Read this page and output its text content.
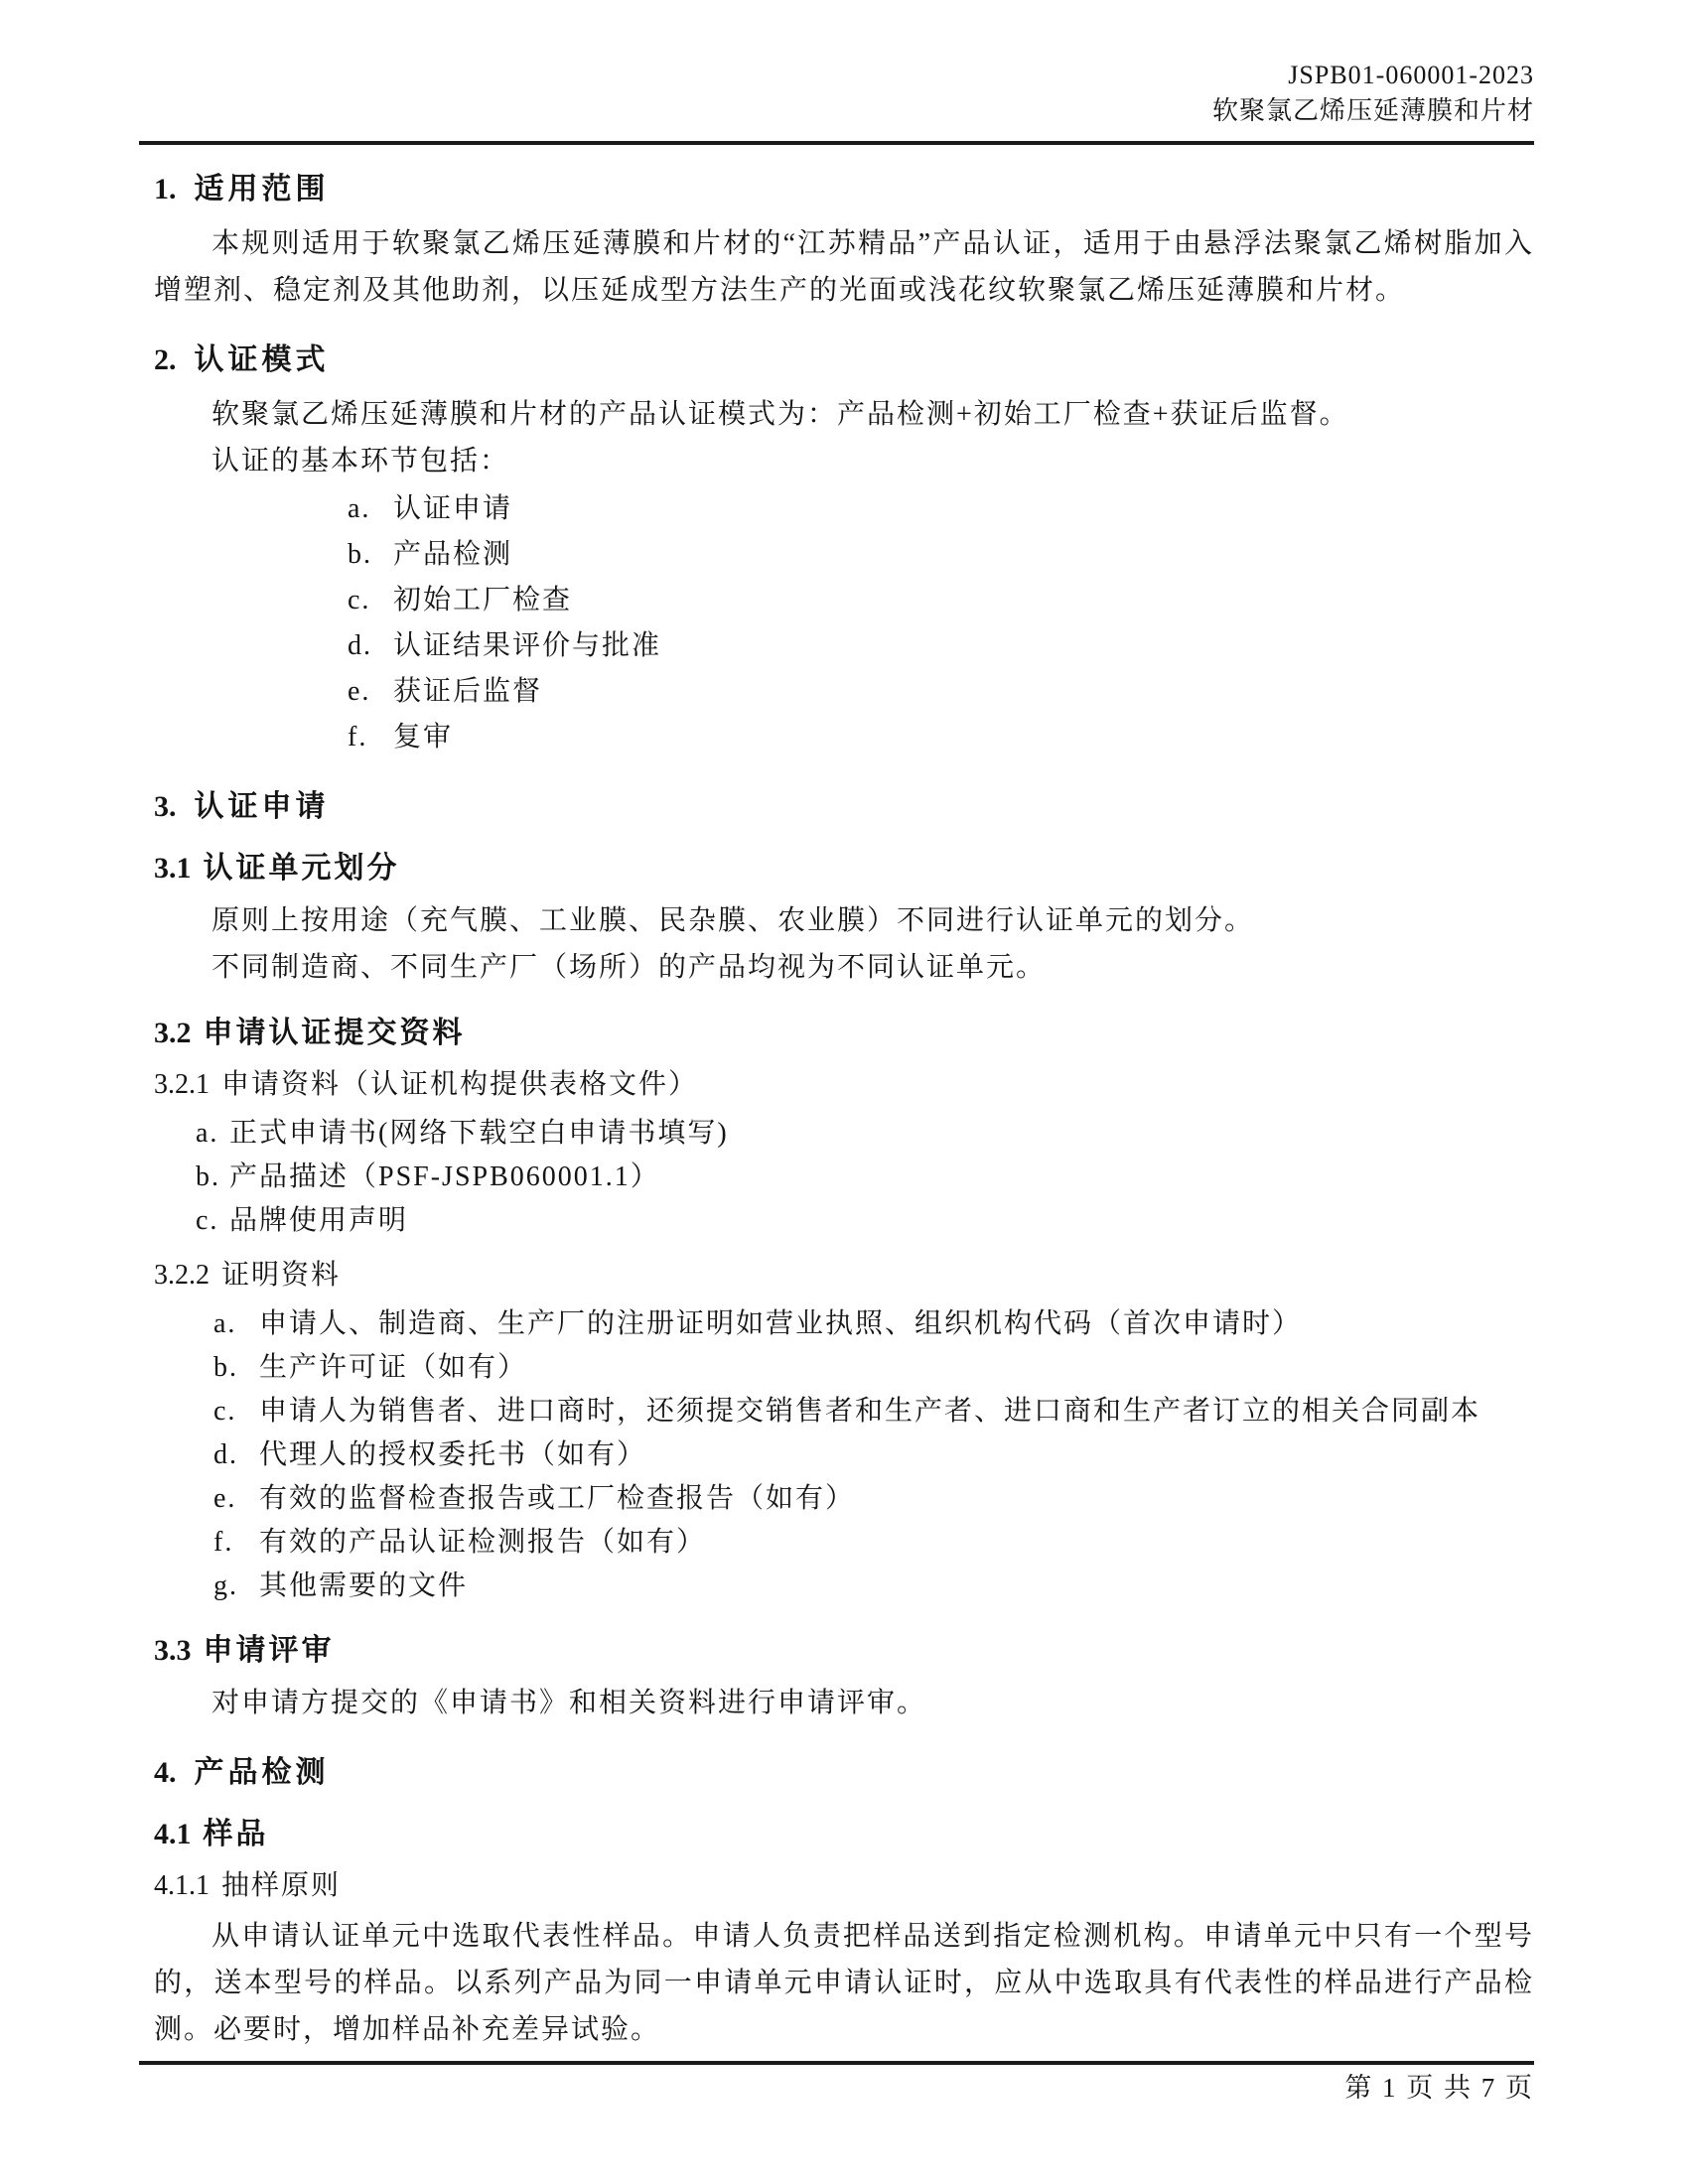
JSPB01-060001-2023
软聚氯乙烯压延薄膜和片材
1. 适用范围

本规则适用于软聚氯乙烯压延薄膜和片材的“江苏精品”产品认证，适用于由悬浮法聚氯乙烯树脂加入增塑剂、稳定剂及其他助剂，以压延成型方法生产的光面或浅花纹软聚氯乙烯压延薄膜和片材。

2. 认证模式

软聚氯乙烯压延薄膜和片材的产品认证模式为：产品检测+初始工厂检查+获证后监督。

认证的基本环节包括：

a. 认证申请
b. 产品检测
c. 初始工厂检查
d. 认证结果评价与批准
e. 获证后监督
f. 复审
3. 认证申请
3.1 认证单元划分

原则上按用途（充气膜、工业膜、民杂膜、农业膜）不同进行认证单元的划分。

不同制造商、不同生产厂（场所）的产品均视为不同认证单元。

3.2 申请认证提交资料
3.2.1 申请资料（认证机构提供表格文件）
a. 正式申请书(网络下载空白申请书填写)
b. 产品描述（PSF-JSPB060001.1）
c. 品牌使用声明
3.2.2 证明资料
a. 申请人、制造商、生产厂的注册证明如营业执照、组织机构代码（首次申请时）
b. 生产许可证（如有）
c. 申请人为销售者、进口商时，还须提交销售者和生产者、进口商和生产者订立的相关合同副本
d. 代理人的授权委托书（如有）
e. 有效的监督检查报告或工厂检查报告（如有）
f. 有效的产品认证检测报告（如有）
g. 其他需要的文件
3.3 申请评审

对申请方提交的《申请书》和相关资料进行申请评审。

4. 产品检测
4.1 样品
4.1.1 抽样原则

从申请认证单元中选取代表性样品。申请人负责把样品送到指定检测机构。申请单元中只有一个型号的，送本型号的样品。以系列产品为同一申请单元申请认证时，应从中选取具有代表性的样品进行产品检测。必要时，增加样品补充差异试验。

第 1 页 共 7 页
